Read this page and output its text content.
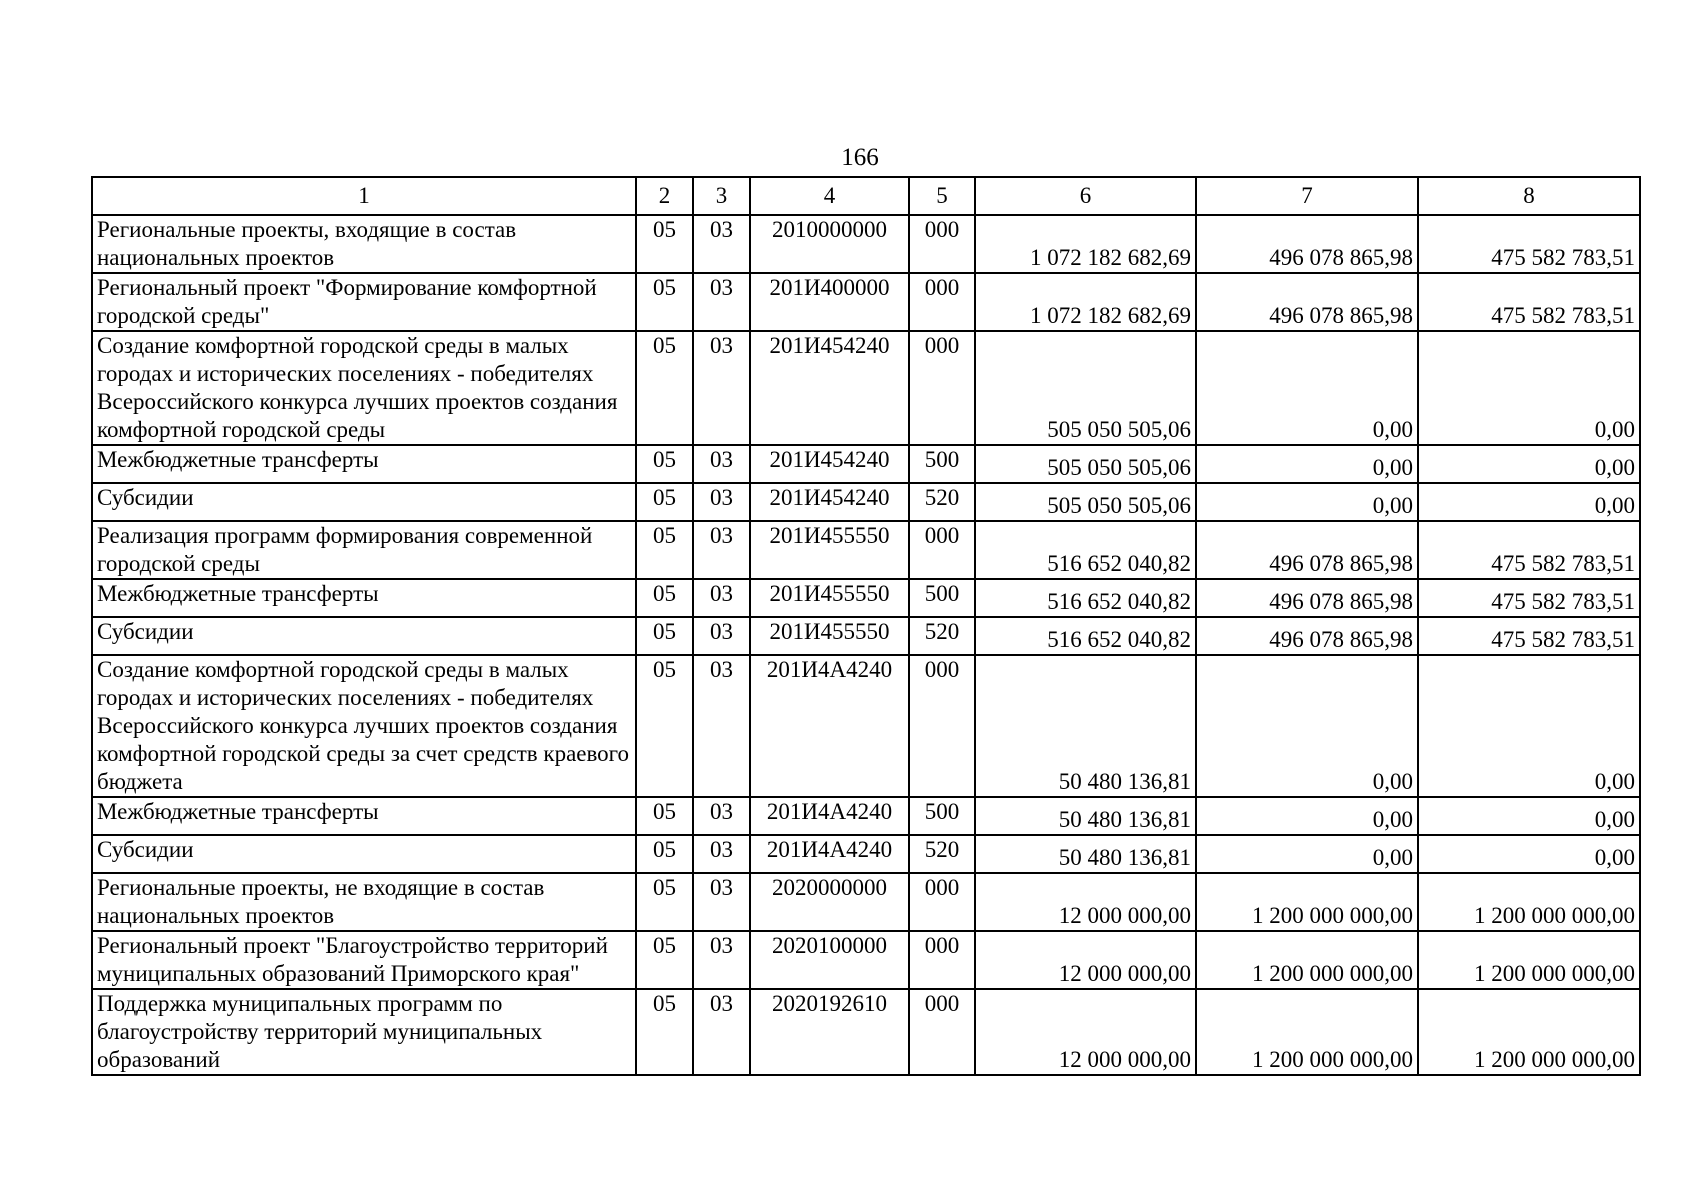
166
1	2	3	4	5	6	7	8
Региональные проекты, входящие в состав национальных проектов	05	03	2010000000	000	1 072 182 682,69	496 078 865,98	475 582 783,51
Региональный проект "Формирование комфортной городской среды"	05	03	201И400000	000	1 072 182 682,69	496 078 865,98	475 582 783,51
Создание комфортной городской среды в малых городах и исторических поселениях - победителях Всероссийского конкурса лучших проектов создания комфортной городской среды	05	03	201И454240	000	505 050 505,06	0,00	0,00
Межбюджетные трансферты	05	03	201И454240	500	505 050 505,06	0,00	0,00
Субсидии	05	03	201И454240	520	505 050 505,06	0,00	0,00
Реализация программ формирования современной городской среды	05	03	201И455550	000	516 652 040,82	496 078 865,98	475 582 783,51
Межбюджетные трансферты	05	03	201И455550	500	516 652 040,82	496 078 865,98	475 582 783,51
Субсидии	05	03	201И455550	520	516 652 040,82	496 078 865,98	475 582 783,51
Создание комфортной городской среды в малых городах и исторических поселениях - победителях Всероссийского конкурса лучших проектов создания комфортной городской среды за счет средств краевого бюджета	05	03	201И4А4240	000	50 480 136,81	0,00	0,00
Межбюджетные трансферты	05	03	201И4А4240	500	50 480 136,81	0,00	0,00
Субсидии	05	03	201И4А4240	520	50 480 136,81	0,00	0,00
Региональные проекты, не входящие в состав национальных проектов	05	03	2020000000	000	12 000 000,00	1 200 000 000,00	1 200 000 000,00
Региональный проект "Благоустройство территорий муниципальных образований Приморского края"	05	03	2020100000	000	12 000 000,00	1 200 000 000,00	1 200 000 000,00
Поддержка муниципальных программ по благоустройству территорий муниципальных образований	05	03	2020192610	000	12 000 000,00	1 200 000 000,00	1 200 000 000,00
